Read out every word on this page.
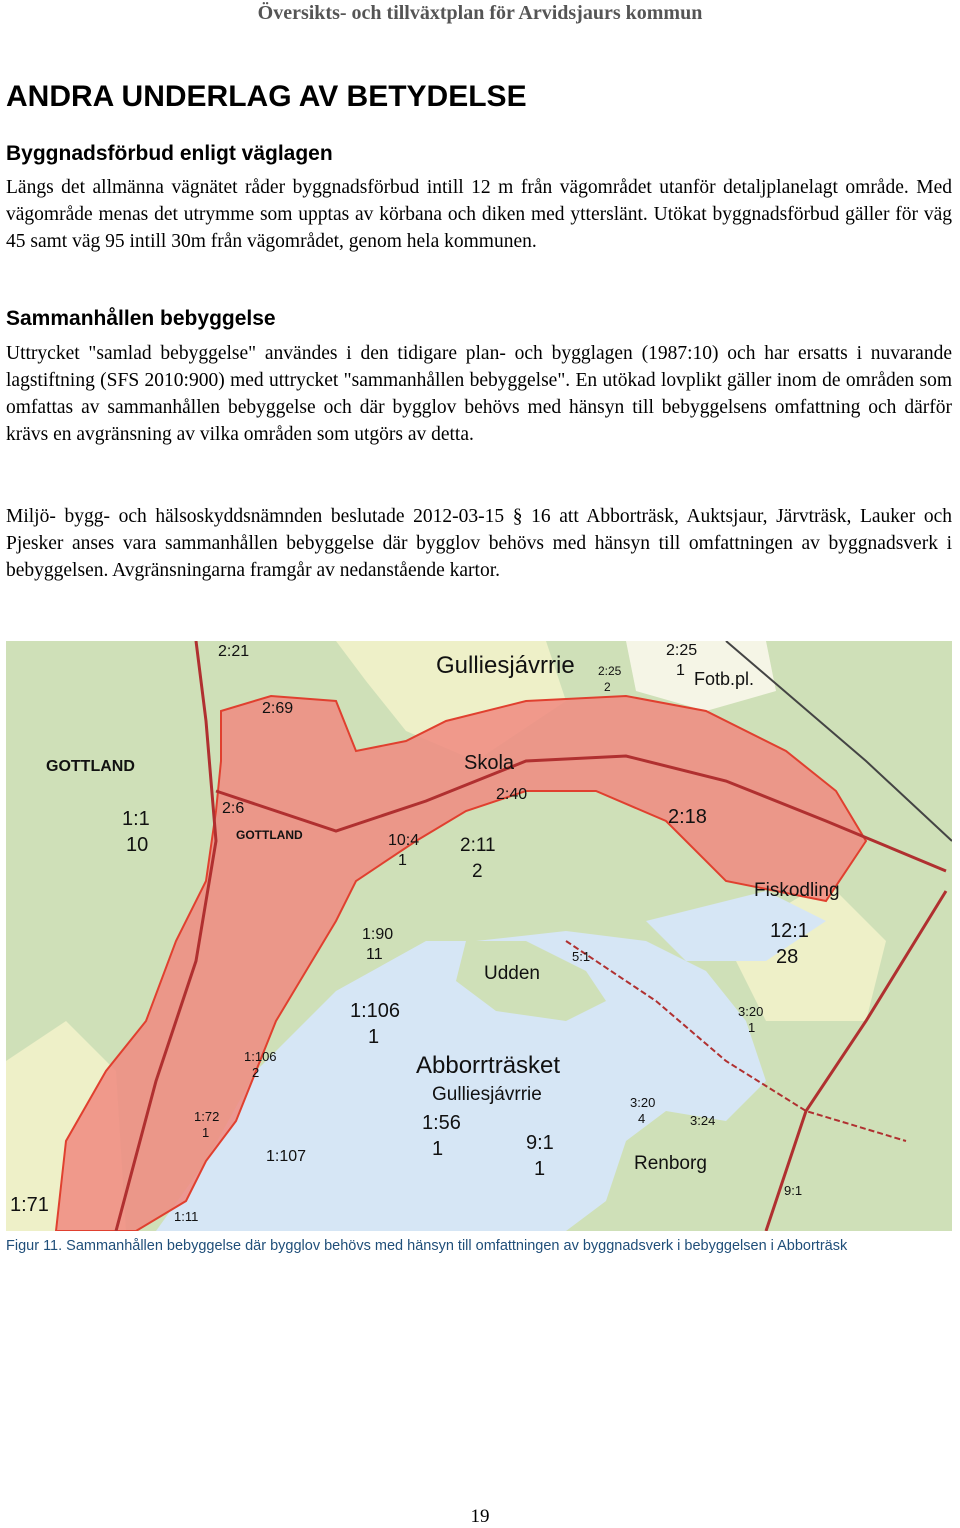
Översikts- och tillväxtplan för Arvidsjaurs kommun
ANDRA UNDERLAG AV BETYDELSE
Byggnadsförbud enligt väglagen
Längs det allmänna vägnätet råder byggnadsförbud intill 12 m från vägområdet utanför detaljplanelagt område. Med vägområde menas det utrymme som upptas av körbana och diken med ytterslänt. Utökat byggnadsförbud gäller för väg 45 samt väg 95 intill 30m från vägområdet, genom hela kommunen.
Sammanhållen bebyggelse
Uttrycket "samlad bebyggelse" användes i den tidigare plan- och bygglagen (1987:10) och har ersatts i nuvarande lagstiftning (SFS 2010:900) med uttrycket "sammanhållen bebyggelse". En utökad lovplikt gäller inom de områden som omfattas av sammanhållen bebyggelse och där bygglov behövs med hänsyn till bebyggelsens omfattning och därför krävs en avgränsning av vilka områden som utgörs av detta.
Miljö- bygg- och hälsoskyddsnämnden beslutade 2012-03-15 § 16 att Abborträsk, Auktsjaur, Järvträsk, Lauker och Pjesker anses vara sammanhållen bebyggelse där bygglov behövs med hänsyn till omfattningen av byggnadsverk i bebyggelsen. Avgränsningarna framgår av nedanstående kartor.
Gulliesjávrrie
GOTTLAND
GOTTLAND
Skola
Fotb.pl.
Fiskodling
Udden
Abborrträsket
Gulliesjávrrie
Renborg
2:21
2:69
2:25
2
2:25
1
1:1
10
2:6
10:4
1
2:40
2:11
2
2:18
12:1
28
1:90
11	5:1
1:106
1
1:106
2
3:20
1
3:20
4	3:24
1:72
1	1:56
1	9:1
1
1:107
1:71
1:11
9:1
Figur 11. Sammanhållen bebyggelse där bygglov behövs med hänsyn till omfattningen av byggnadsverk i bebyggelsen i Abborträsk
19
